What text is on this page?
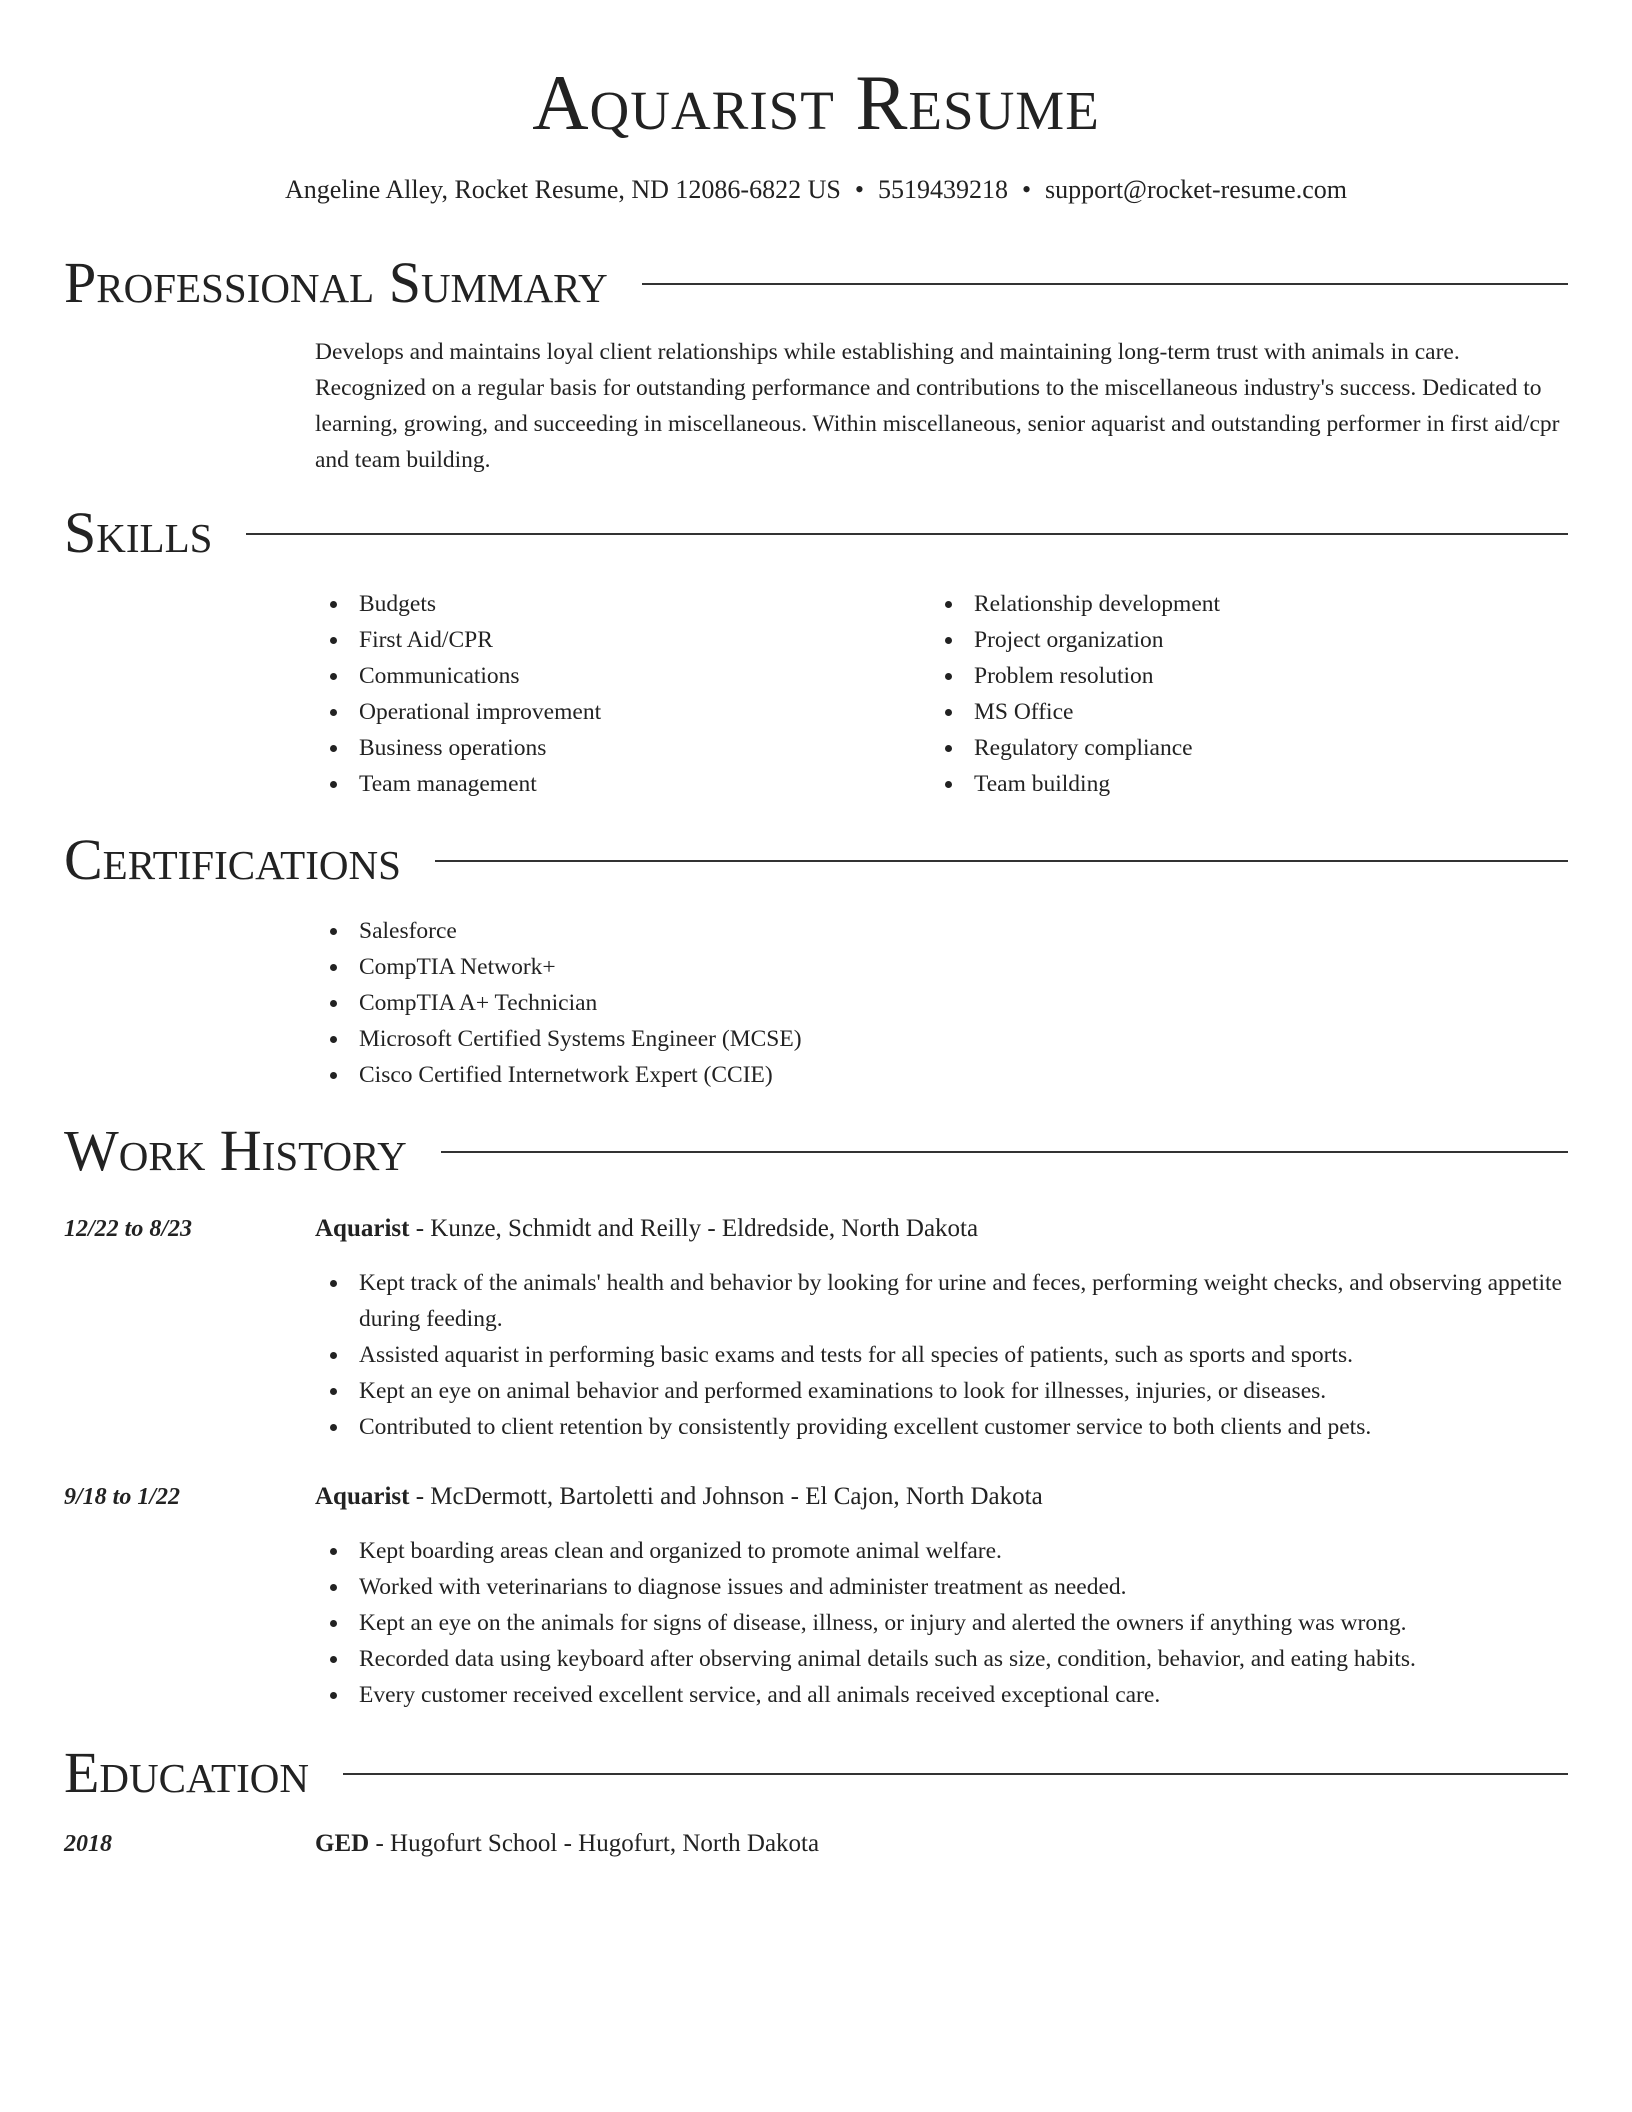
Aquarist Resume
Angeline Alley, Rocket Resume, ND 12086-6822 US • 5519439218 • support@rocket-resume.com
Professional Summary
Develops and maintains loyal client relationships while establishing and maintaining long-term trust with animals in care. Recognized on a regular basis for outstanding performance and contributions to the miscellaneous industry's success. Dedicated to learning, growing, and succeeding in miscellaneous. Within miscellaneous, senior aquarist and outstanding performer in first aid/cpr and team building.
Skills
Budgets
First Aid/CPR
Communications
Operational improvement
Business operations
Team management
Relationship development
Project organization
Problem resolution
MS Office
Regulatory compliance
Team building
Certifications
Salesforce
CompTIA Network+
CompTIA A+ Technician
Microsoft Certified Systems Engineer (MCSE)
Cisco Certified Internetwork Expert (CCIE)
Work History
12/22 to 8/23	Aquarist - Kunze, Schmidt and Reilly - Eldredside, North Dakota
Kept track of the animals' health and behavior by looking for urine and feces, performing weight checks, and observing appetite during feeding.
Assisted aquarist in performing basic exams and tests for all species of patients, such as sports and sports.
Kept an eye on animal behavior and performed examinations to look for illnesses, injuries, or diseases.
Contributed to client retention by consistently providing excellent customer service to both clients and pets.
9/18 to 1/22	Aquarist - McDermott, Bartoletti and Johnson - El Cajon, North Dakota
Kept boarding areas clean and organized to promote animal welfare.
Worked with veterinarians to diagnose issues and administer treatment as needed.
Kept an eye on the animals for signs of disease, illness, or injury and alerted the owners if anything was wrong.
Recorded data using keyboard after observing animal details such as size, condition, behavior, and eating habits.
Every customer received excellent service, and all animals received exceptional care.
Education
2018	GED - Hugofurt School - Hugofurt, North Dakota
